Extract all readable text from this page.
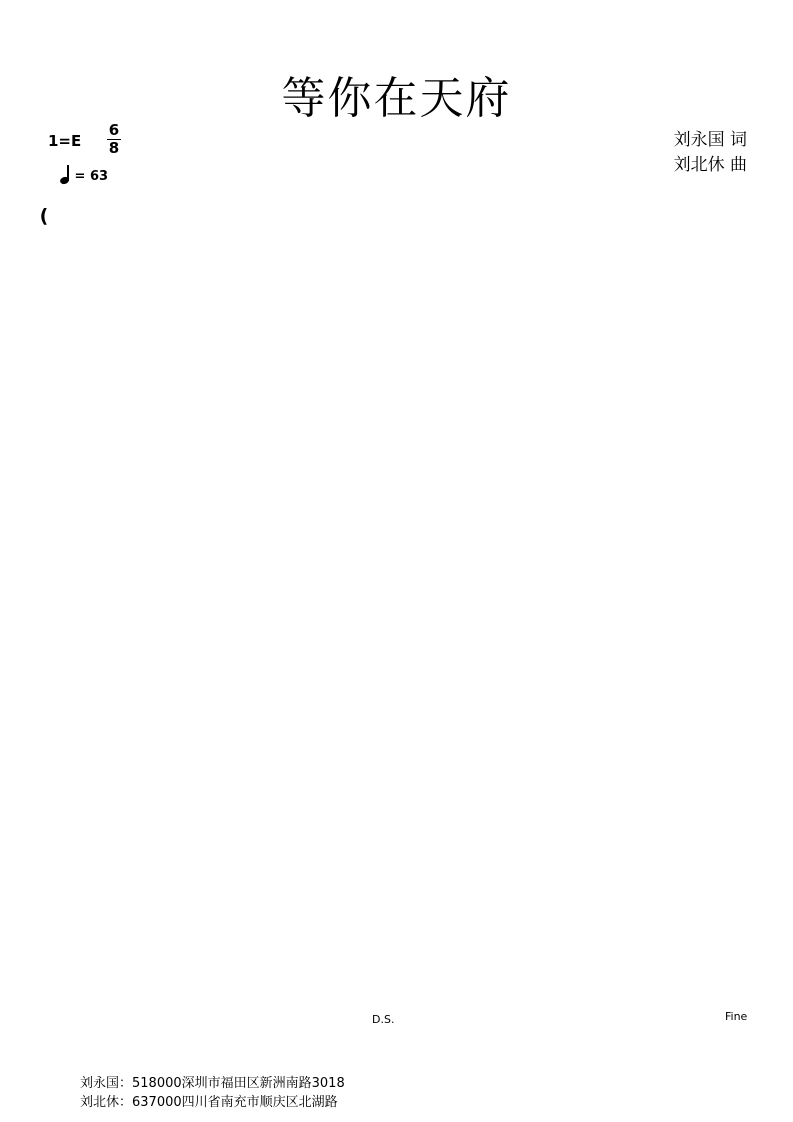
等你在天府
1=E
6
8
= 63
刘永国 词
刘北休 曲
(
D.S.	Fine
刘永国：518000深圳市福田区新洲南路3018
刘北休：637000四川省南充市顺庆区北湖路
